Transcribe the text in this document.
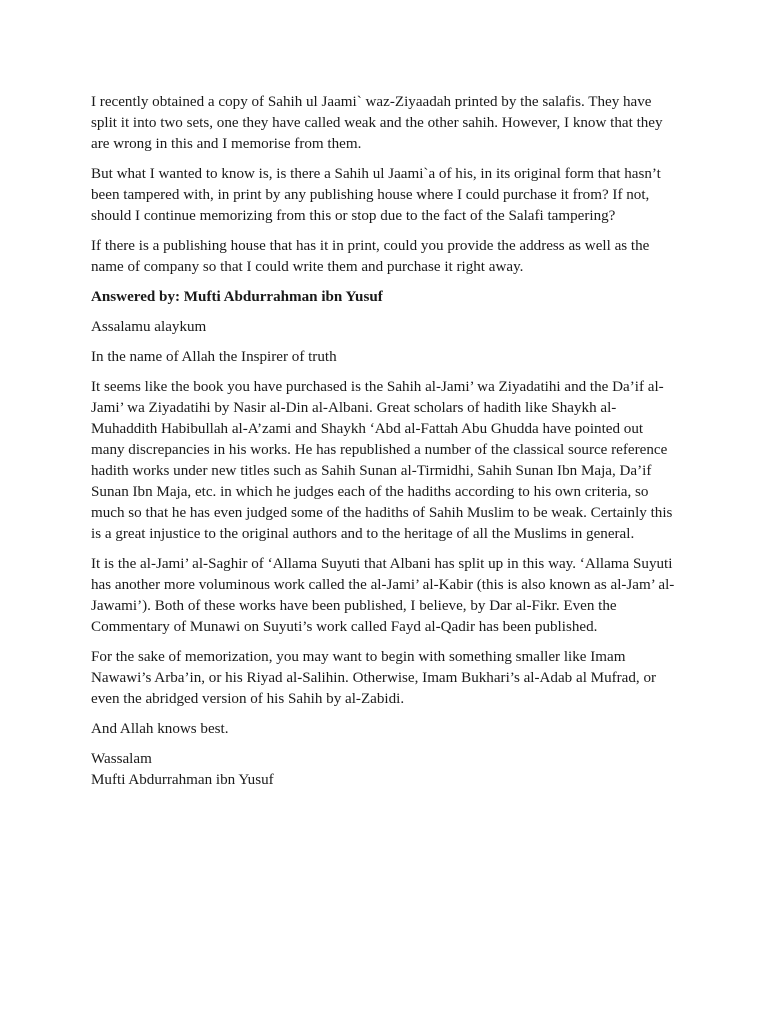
I recently obtained a copy of Sahih ul Jaami` waz-Ziyaadah printed by the salafis. They have
split it into two sets, one they have called weak and the other sahih. However, I know that they
are wrong in this and I memorise from them.

But what I wanted to know is, is there a Sahih ul Jaami`a of his, in its original form that hasn’t
been tampered with, in print by any publishing house where I could purchase it from? If not,
should I continue memorizing from this or stop due to the fact of the Salafi tampering?

If there is a publishing house that has it in print, could you provide the address as well as the
name of company so that I could write them and purchase it right away.

Answered by: Mufti Abdurrahman ibn Yusuf

Assalamu alaykum

In the name of Allah the Inspirer of truth

It seems like the book you have purchased is the Sahih al-Jami’ wa Ziyadatihi and the Da’if al-
Jami’ wa Ziyadatihi by Nasir al-Din al-Albani. Great scholars of hadith like Shaykh al-
Muhaddith Habibullah al-A’zami and Shaykh ‘Abd al-Fattah Abu Ghudda have pointed out
many discrepancies in his works. He has republished a number of the classical source reference
hadith works under new titles such as Sahih Sunan al-Tirmidhi, Sahih Sunan Ibn Maja, Da’if
Sunan Ibn Maja, etc. in which he judges each of the hadiths according to his own criteria, so
much so that he has even judged some of the hadiths of Sahih Muslim to be weak. Certainly this
is a great injustice to the original authors and to the heritage of all the Muslims in general.

It is the al-Jami’ al-Saghir of ‘Allama Suyuti that Albani has split up in this way. ‘Allama Suyuti
has another more voluminous work called the al-Jami’ al-Kabir (this is also known as al-Jam’ al-
Jawami’). Both of these works have been published, I believe, by Dar al-Fikr. Even the
Commentary of Munawi on Suyuti’s work called Fayd al-Qadir has been published.

For the sake of memorization, you may want to begin with something smaller like Imam
Nawawi’s Arba’in, or his Riyad al-Salihin. Otherwise, Imam Bukhari’s al-Adab al Mufrad, or
even the abridged version of his Sahih by al-Zabidi.

And Allah knows best.

Wassalam

Mufti Abdurrahman ibn Yusuf
